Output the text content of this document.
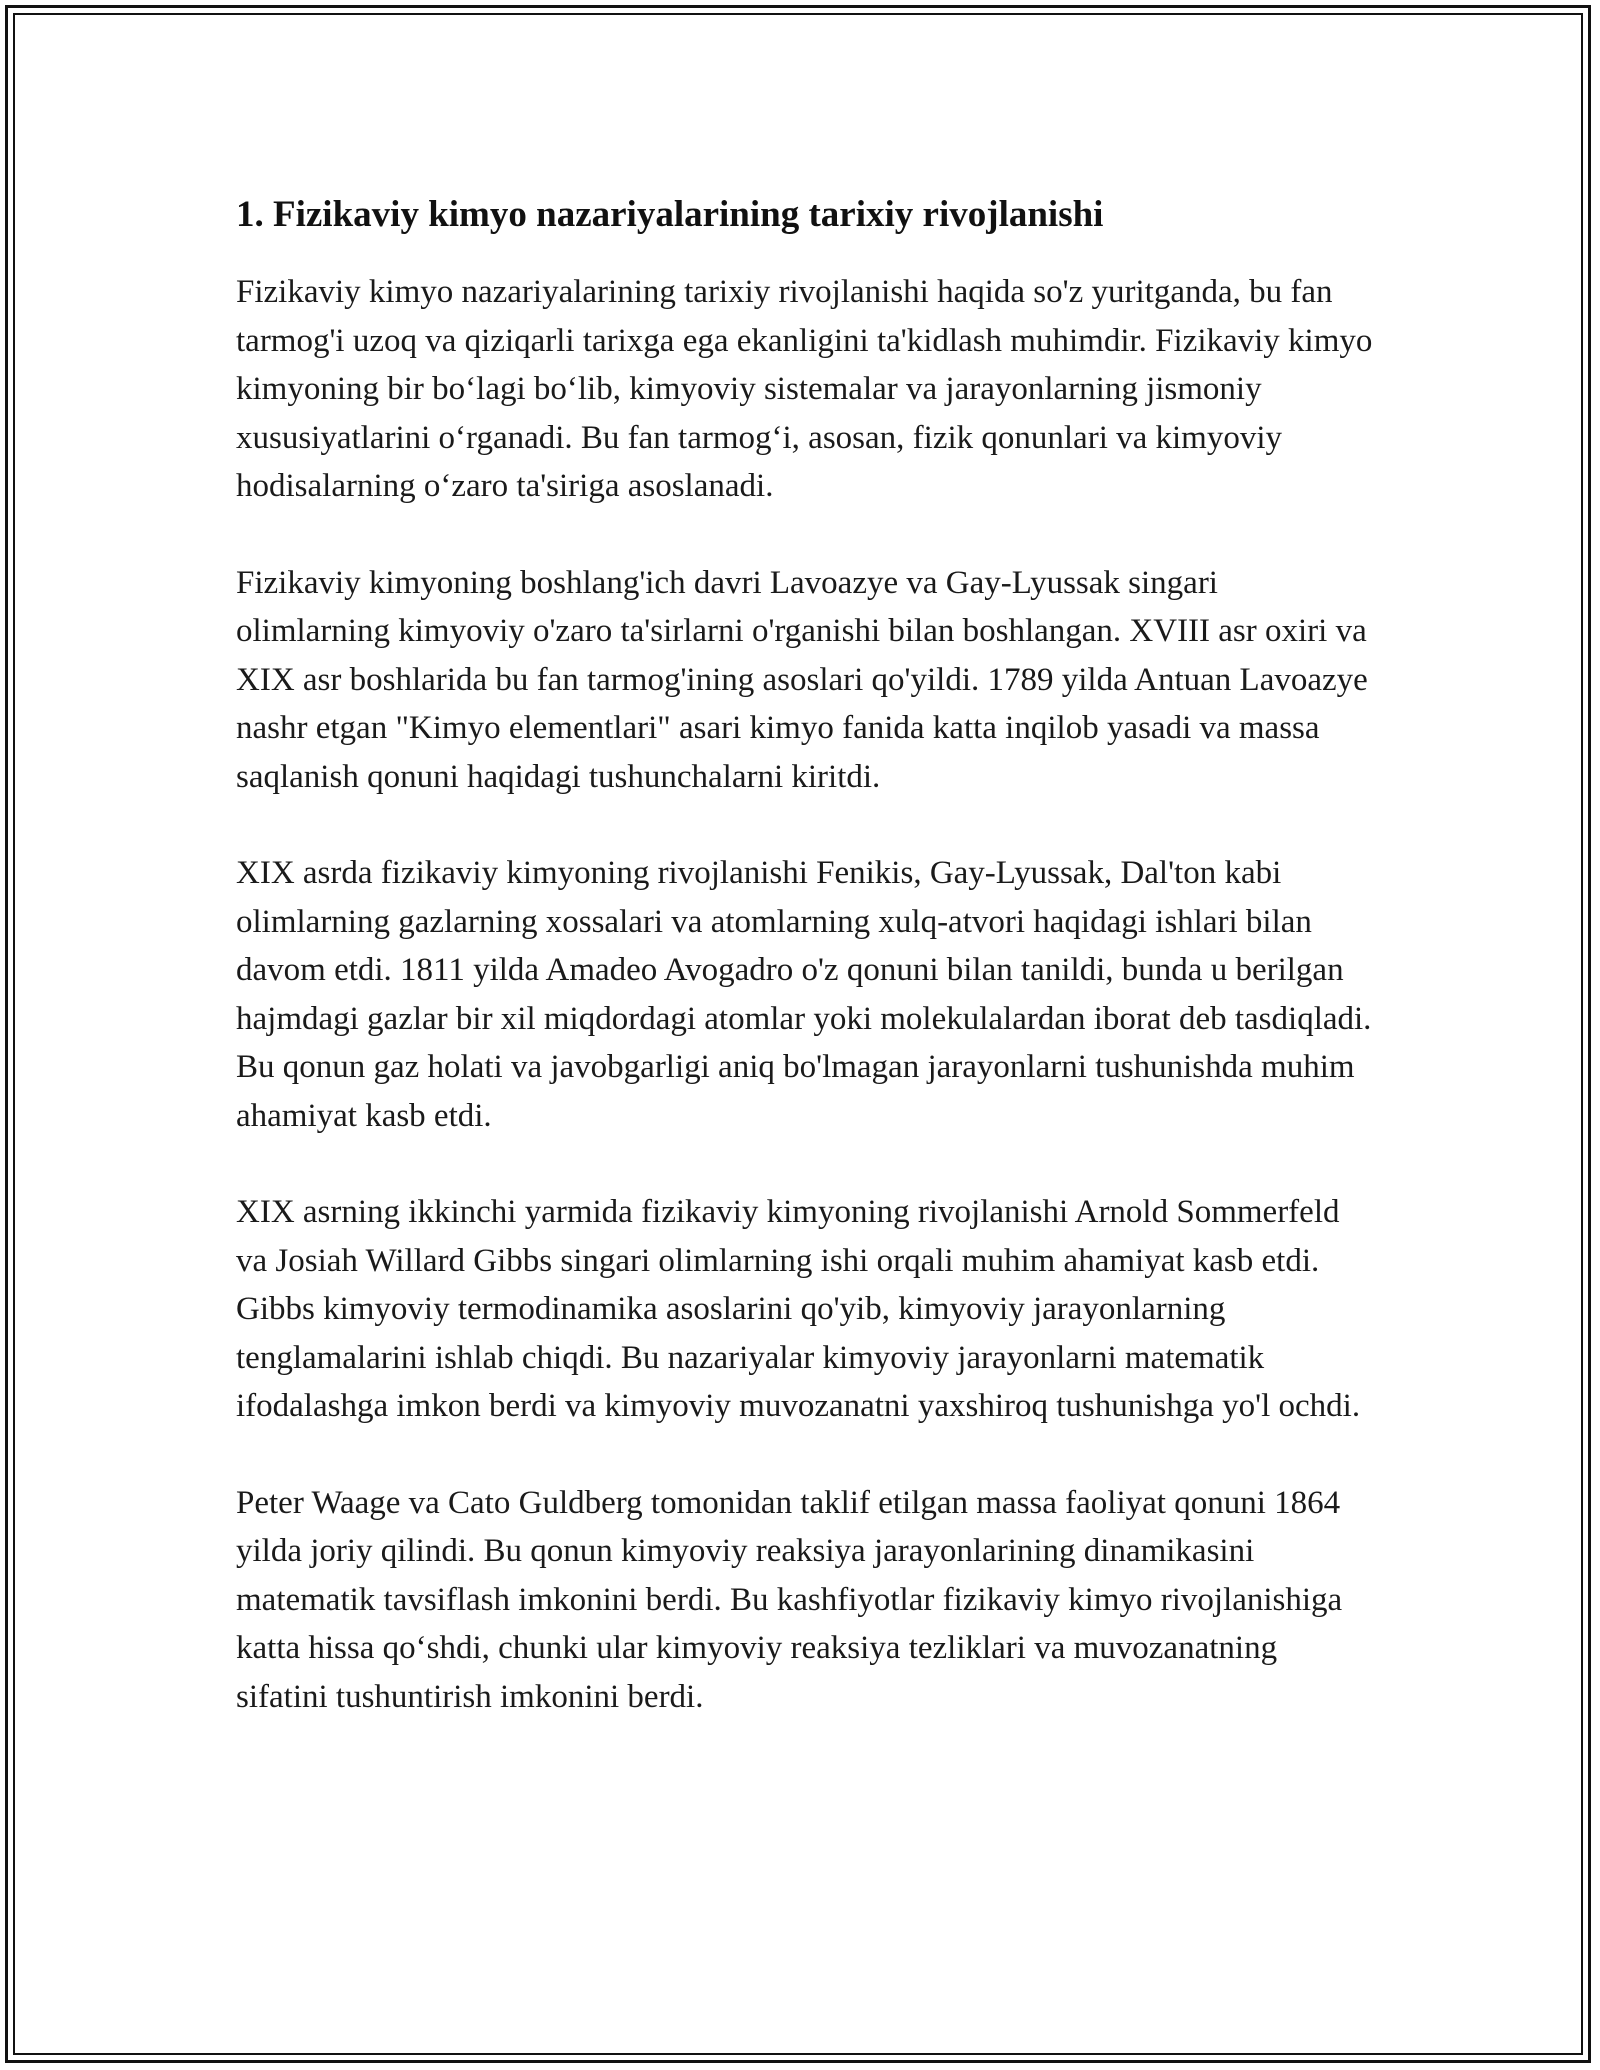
1. Fizikaviy kimyo nazariyalarining tarixiy rivojlanishi

Fizikaviy kimyo nazariyalarining tarixiy rivojlanishi haqida so'z yuritganda, bu fan tarmog'i uzoq va qiziqarli tarixga ega ekanligini ta'kidlash muhimdir. Fizikaviy kimyo kimyoning bir bo‘lagi bo‘lib, kimyoviy sistemalar va jarayonlarning jismoniy xususiyatlarini o‘rganadi. Bu fan tarmog‘i, asosan, fizik qonunlari va kimyoviy hodisalarning o‘zaro ta'siriga asoslanadi.

Fizikaviy kimyoning boshlang'ich davri Lavoazye va Gay-Lyussak singari olimlarning kimyoviy o'zaro ta'sirlarni o'rganishi bilan boshlangan. XVIII asr oxiri va XIX asr boshlarida bu fan tarmog'ining asoslari qo'yildi. 1789 yilda Antuan Lavoazye nashr etgan "Kimyo elementlari" asari kimyo fanida katta inqilob yasadi va massa saqlanish qonuni haqidagi tushunchalarni kiritdi.

XIX asrda fizikaviy kimyoning rivojlanishi Fenikis, Gay-Lyussak, Dal'ton kabi olimlarning gazlarning xossalari va atomlarning xulq-atvori haqidagi ishlari bilan davom etdi. 1811 yilda Amadeo Avogadro o'z qonuni bilan tanildi, bunda u berilgan hajmdagi gazlar bir xil miqdordagi atomlar yoki molekulalardan iborat deb tasdiqladi. Bu qonun gaz holati va javobgarligi aniq bo'lmagan jarayonlarni tushunishda muhim ahamiyat kasb etdi.

XIX asrning ikkinchi yarmida fizikaviy kimyoning rivojlanishi Arnold Sommerfeld va Josiah Willard Gibbs singari olimlarning ishi orqali muhim ahamiyat kasb etdi. Gibbs kimyoviy termodinamika asoslarini qo'yib, kimyoviy jarayonlarning tenglamalarini ishlab chiqdi. Bu nazariyalar kimyoviy jarayonlarni matematik ifodalashga imkon berdi va kimyoviy muvozanatni yaxshiroq tushunishga yo'l ochdi.

Peter Waage va Cato Guldberg tomonidan taklif etilgan massa faoliyat qonuni 1864 yilda joriy qilindi. Bu qonun kimyoviy reaksiya jarayonlarining dinamikasini matematik tavsiflash imkonini berdi. Bu kashfiyotlar fizikaviy kimyo rivojlanishiga katta hissa qo‘shdi, chunki ular kimyoviy reaksiya tezliklari va muvozanatning sifatini tushuntirish imkonini berdi.
